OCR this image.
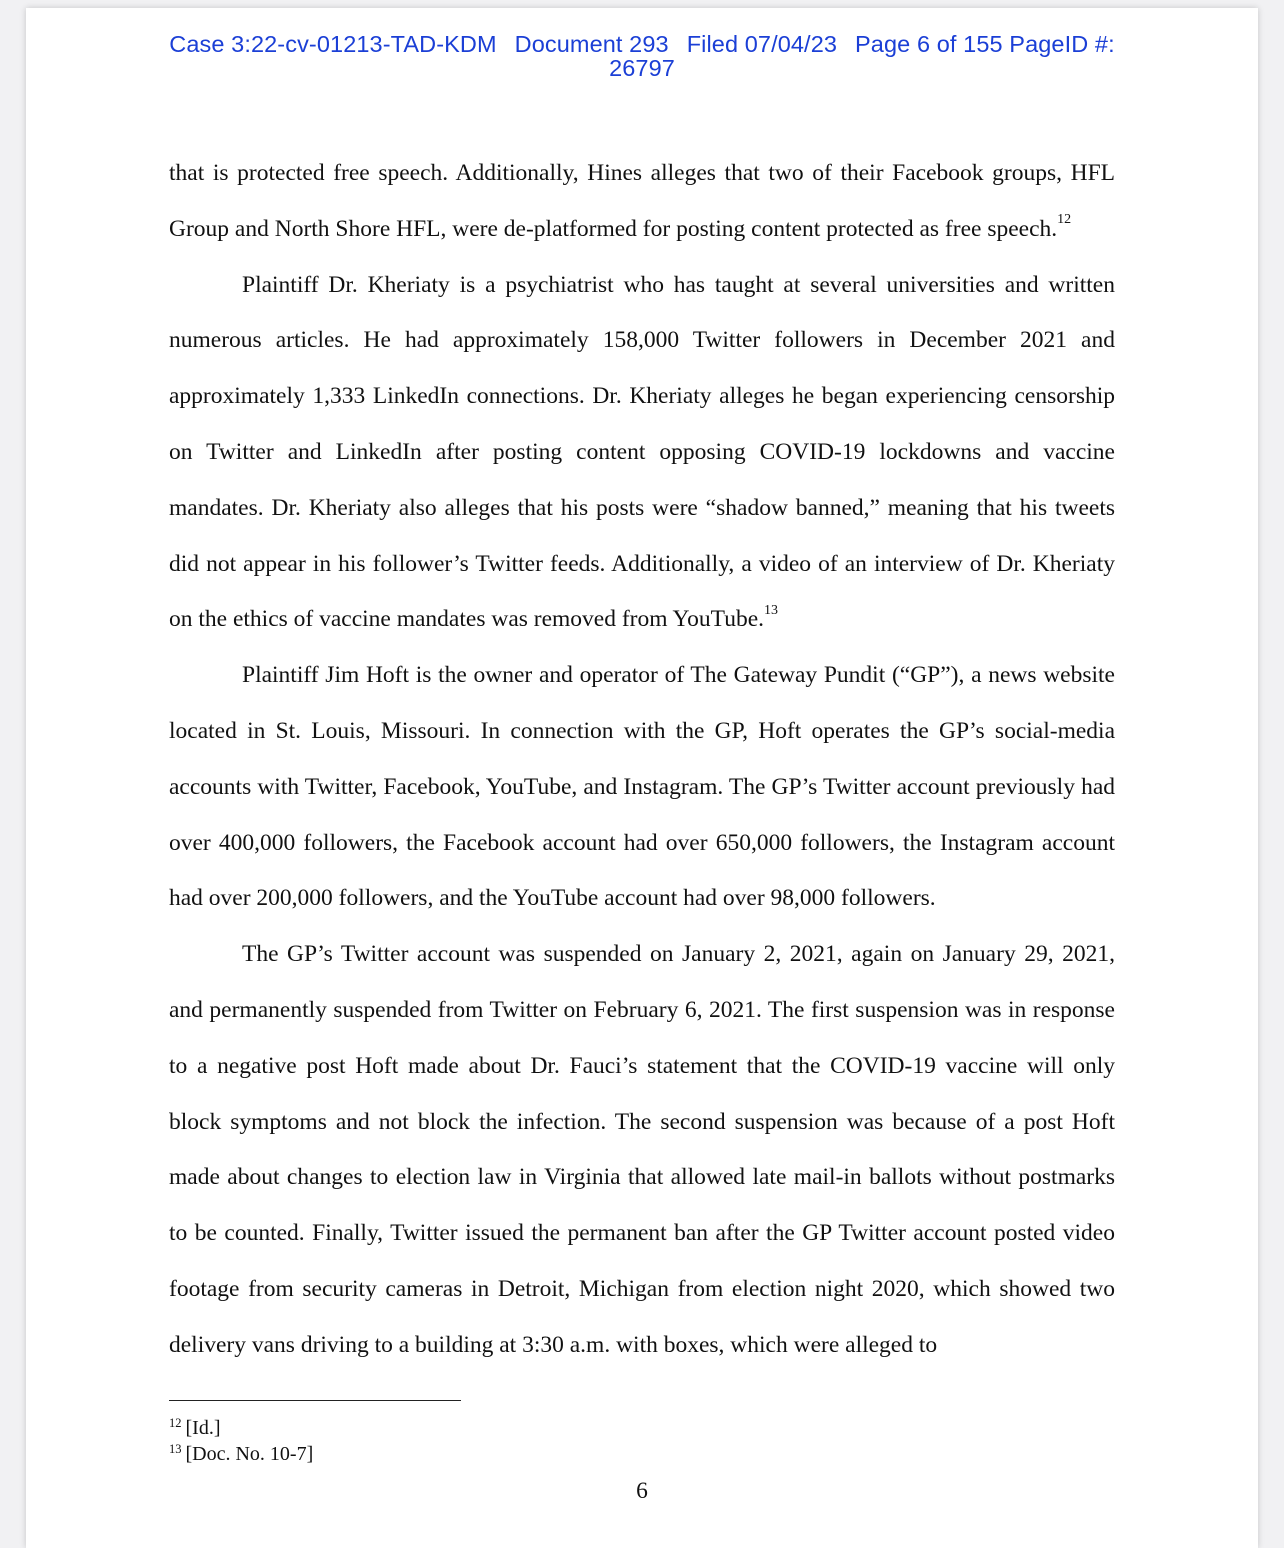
Case 3:22-cv-01213-TAD-KDM Document 293 Filed 07/04/23 Page 6 of 155 PageID #:
26797

that is protected free speech. Additionally, Hines alleges that two of their Facebook groups, HFL Group and North Shore HFL, were de-platformed for posting content protected as free speech.$^{12}$

Plaintiff Dr. Kheriaty is a psychiatrist who has taught at several universities and written numerous articles. He had approximately 158,000 Twitter followers in December 2021 and approximately 1,333 LinkedIn connections. Dr. Kheriaty alleges he began experiencing censorship on Twitter and LinkedIn after posting content opposing COVID-19 lockdowns and vaccine mandates. Dr. Kheriaty also alleges that his posts were “shadow banned,” meaning that his tweets did not appear in his follower’s Twitter feeds. Additionally, a video of an interview of Dr. Kheriaty on the ethics of vaccine mandates was removed from YouTube.$^{13}$

Plaintiff Jim Hoft is the owner and operator of The Gateway Pundit (“GP”), a news website located in St. Louis, Missouri. In connection with the GP, Hoft operates the GP’s social-media accounts with Twitter, Facebook, YouTube, and Instagram. The GP’s Twitter account previously had over 400,000 followers, the Facebook account had over 650,000 followers, the Instagram account had over 200,000 followers, and the YouTube account had over 98,000 followers.

The GP’s Twitter account was suspended on January 2, 2021, again on January 29, 2021, and permanently suspended from Twitter on February 6, 2021. The first suspension was in response to a negative post Hoft made about Dr. Fauci’s statement that the COVID-19 vaccine will only block symptoms and not block the infection. The second suspension was because of a post Hoft made about changes to election law in Virginia that allowed late mail-in ballots without postmarks to be counted. Finally, Twitter issued the permanent ban after the GP Twitter account posted video footage from security cameras in Detroit, Michigan from election night 2020, which showed two delivery vans driving to a building at 3:30 a.m. with boxes, which were alleged to

$^{12}$ [Id.]
$^{13}$ [Doc. No. 10-7]
6
